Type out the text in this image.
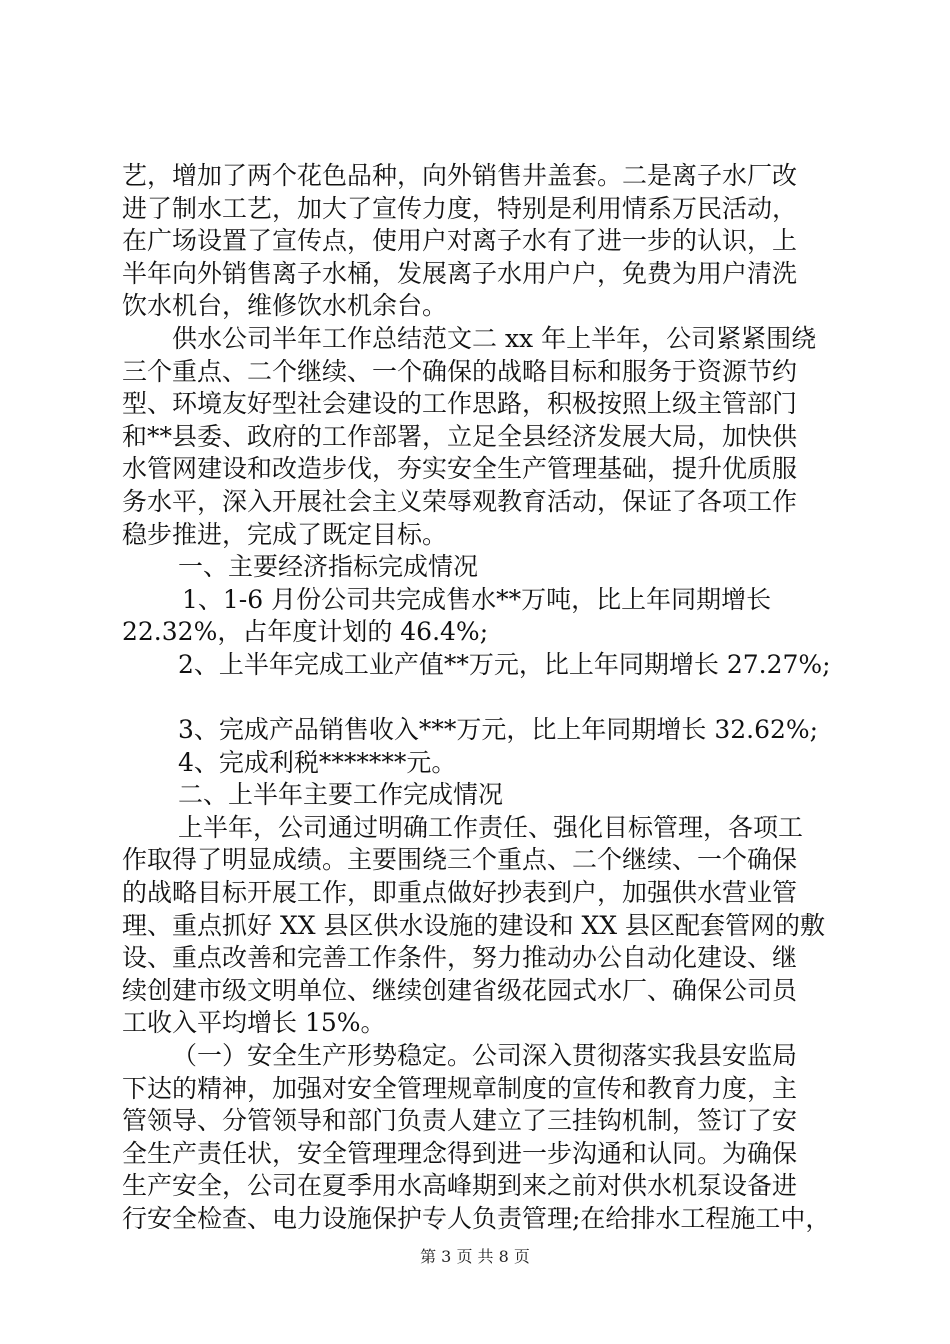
艺，增加了两个花色品种，向外销售井盖套。二是离子水厂改
进了制水工艺，加大了宣传力度，特别是利用情系万民活动，
在广场设置了宣传点，使用户对离子水有了进一步的认识，上
半年向外销售离子水桶，发展离子水用户户，免费为用户清洗
饮水机台，维修饮水机余台。
供水公司半年工作总结范文二 xx 年上半年，公司紧紧围绕
三个重点、二个继续、一个确保的战略目标和服务于资源节约
型、环境友好型社会建设的工作思路，积极按照上级主管部门
和**县委、政府的工作部署，立足全县经济发展大局，加快供
水管网建设和改造步伐，夯实安全生产管理基础，提升优质服
务水平，深入开展社会主义荣辱观教育活动，保证了各项工作
稳步推进，完成了既定目标。
一、主要经济指标完成情况
1、1-6 月份公司共完成售水**万吨，比上年同期增长
22.32%，占年度计划的 46.4%;
2、上半年完成工业产值**万元，比上年同期增长 27.27%;
3、完成产品销售收入***万元，比上年同期增长 32.62%;
4、完成利税*******元。
二、上半年主要工作完成情况
上半年，公司通过明确工作责任、强化目标管理，各项工
作取得了明显成绩。主要围绕三个重点、二个继续、一个确保
的战略目标开展工作，即重点做好抄表到户，加强供水营业管
理、重点抓好 XX 县区供水设施的建设和 XX 县区配套管网的敷
设、重点改善和完善工作条件，努力推动办公自动化建设、继
续创建市级文明单位、继续创建省级花园式水厂、确保公司员
工收入平均增长 15%。
（一）安全生产形势稳定。公司深入贯彻落实我县安监局
下达的精神，加强对安全管理规章制度的宣传和教育力度，主
管领导、分管领导和部门负责人建立了三挂钩机制，签订了安
全生产责任状，安全管理理念得到进一步沟通和认同。为确保
生产安全，公司在夏季用水高峰期到来之前对供水机泵设备进
行安全检查、电力设施保护专人负责管理;在给排水工程施工中，
第 3 页 共 8 页
